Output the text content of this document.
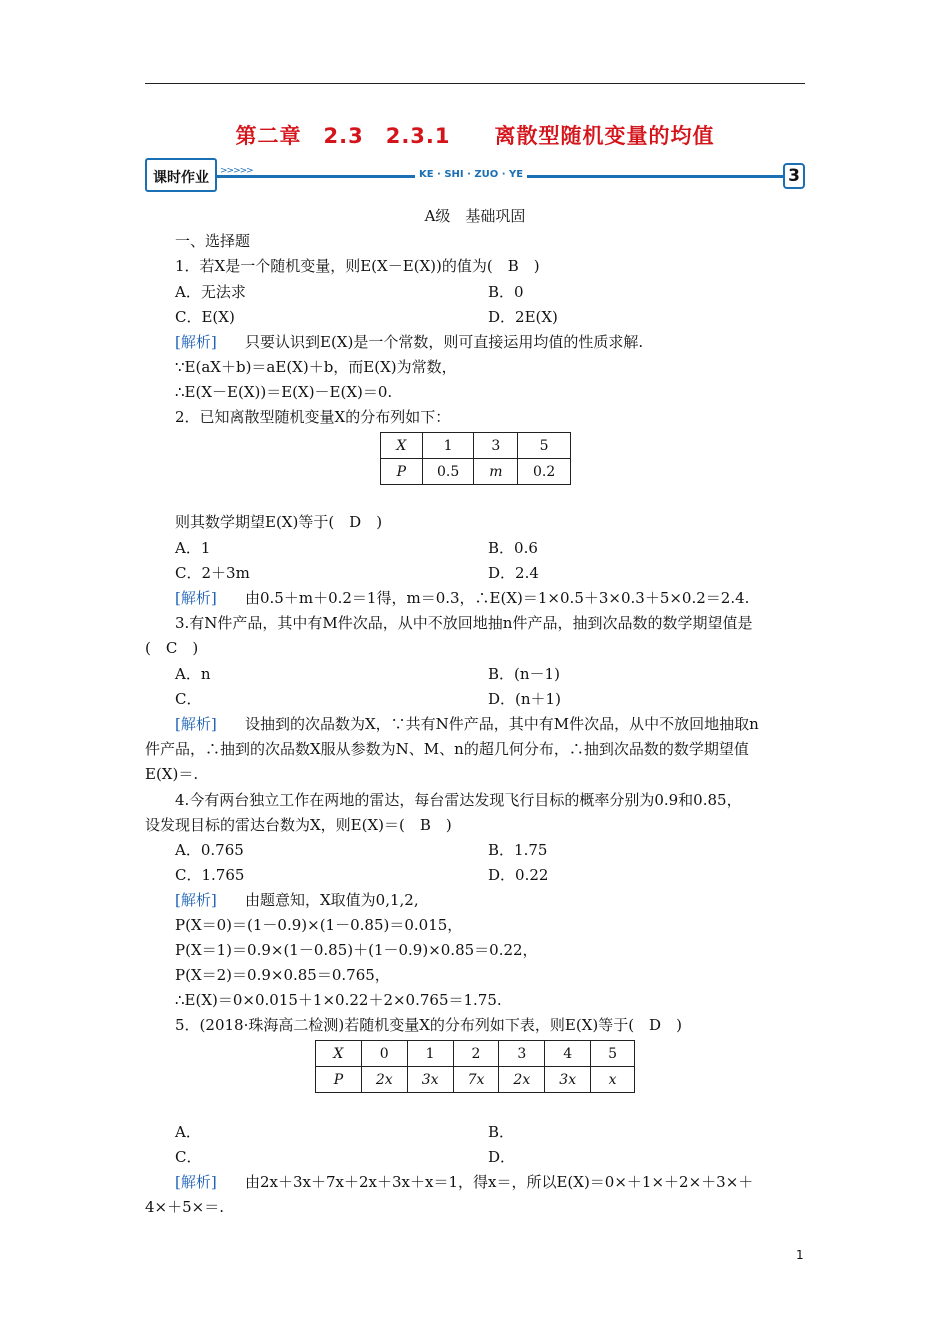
第二章　2.3　2.3.1　　离散型随机变量的均值
课时作业	>>>>>	KE · SHI · ZUO · YE	3
A级　基础巩固
一、选择题
1．若X是一个随机变量，则E(X－E(X))的值为(　B　)
A．无法求	B．0
C．E(X)	D．2E(X)
[解析] 只要认识到E(X)是一个常数，则可直接运用均值的性质求解.
∵E(aX＋b)＝aE(X)＋b，而E(X)为常数，
∴E(X－E(X))＝E(X)－E(X)＝0.
2．已知离散型随机变量X的分布列如下：
X	1	3	5
P	0.5	m	0.2
则其数学期望E(X)等于(　D　)
A．1	B．0.6
C．2＋3m	D．2.4
[解析] 由0.5＋m＋0.2＝1得，m＝0.3，∴E(X)＝1×0.5＋3×0.3＋5×0.2＝2.4.
3.有N件产品，其中有M件次品，从中不放回地抽n件产品，抽到次品数的数学期望值是
(　C　)
A．n	B．(n－1)
C．	D．(n＋1)
[解析] 设抽到的次品数为X，∵共有N件产品，其中有M件次品，从中不放回地抽取n
件产品，∴抽到的次品数X服从参数为N、M、n的超几何分布，∴抽到次品数的数学期望值
E(X)＝.
4.今有两台独立工作在两地的雷达，每台雷达发现飞行目标的概率分别为0.9和0.85，
设发现目标的雷达台数为X，则E(X)＝(　B　)
A．0.765	B．1.75
C．1.765	D．0.22
[解析] 由题意知，X取值为0,1,2,
P(X＝0)＝(1－0.9)×(1－0.85)＝0.015，
P(X＝1)＝0.9×(1－0.85)＋(1－0.9)×0.85＝0.22，
P(X＝2)＝0.9×0.85＝0.765，
∴E(X)＝0×0.015＋1×0.22＋2×0.765＝1.75.
5．(2018·珠海高二检测)若随机变量X的分布列如下表，则E(X)等于(　D　)
X	0	1	2	3	4	5
P	2x	3x	7x	2x	3x	x
A．	B．
C．	D．
[解析] 由2x＋3x＋7x＋2x＋3x＋x＝1，得x＝，所以E(X)＝0×＋1×＋2×＋3×＋
4×＋5×＝.
1
